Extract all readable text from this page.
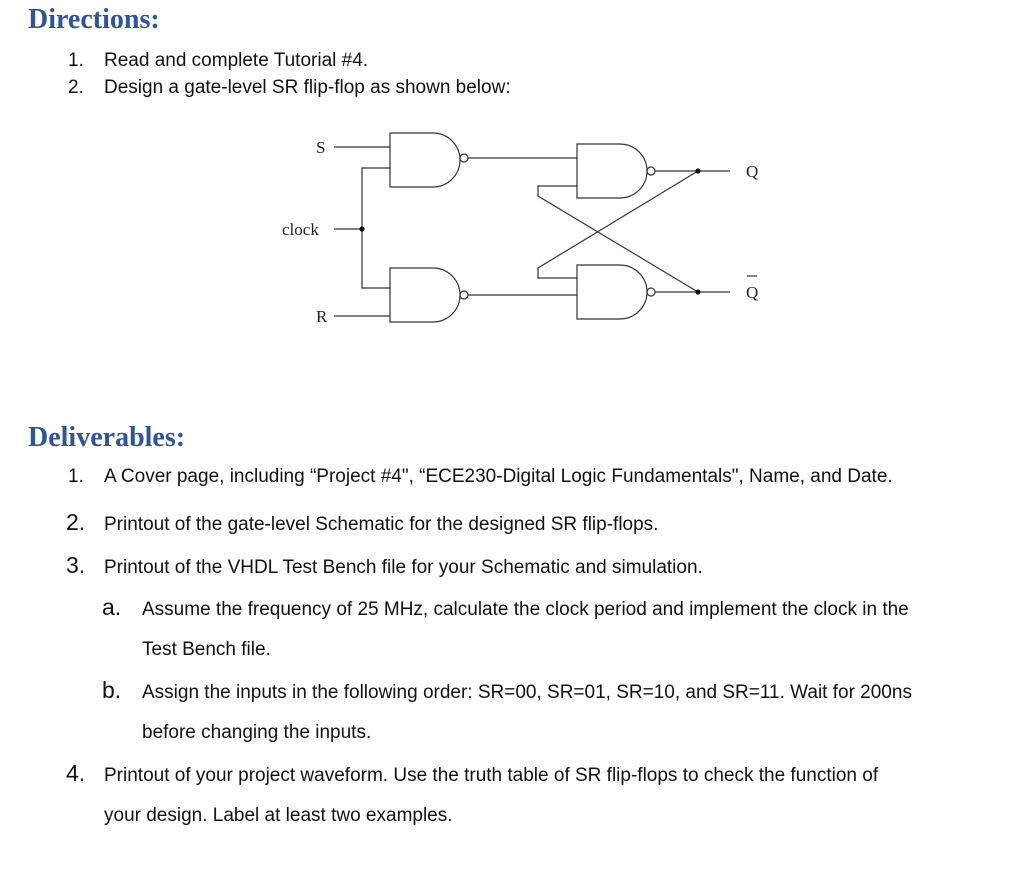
Directions:
1. Read and complete Tutorial #4.
2. Design a gate-level SR flip-flop as shown below:
S
clock
R
Q
Q
Deliverables:
1. A Cover page, including “Project #4", “ECE230-Digital Logic Fundamentals", Name, and Date.
2. Printout of the gate-level Schematic for the designed SR flip-flops.
3. Printout of the VHDL Test Bench file for your Schematic and simulation.
a. Assume the frequency of 25 MHz, calculate the clock period and implement the clock in the
Test Bench file.
b. Assign the inputs in the following order: SR=00, SR=01, SR=10, and SR=11. Wait for 200ns
before changing the inputs.
4. Printout of your project waveform. Use the truth table of SR flip-flops to check the function of
your design. Label at least two examples.
